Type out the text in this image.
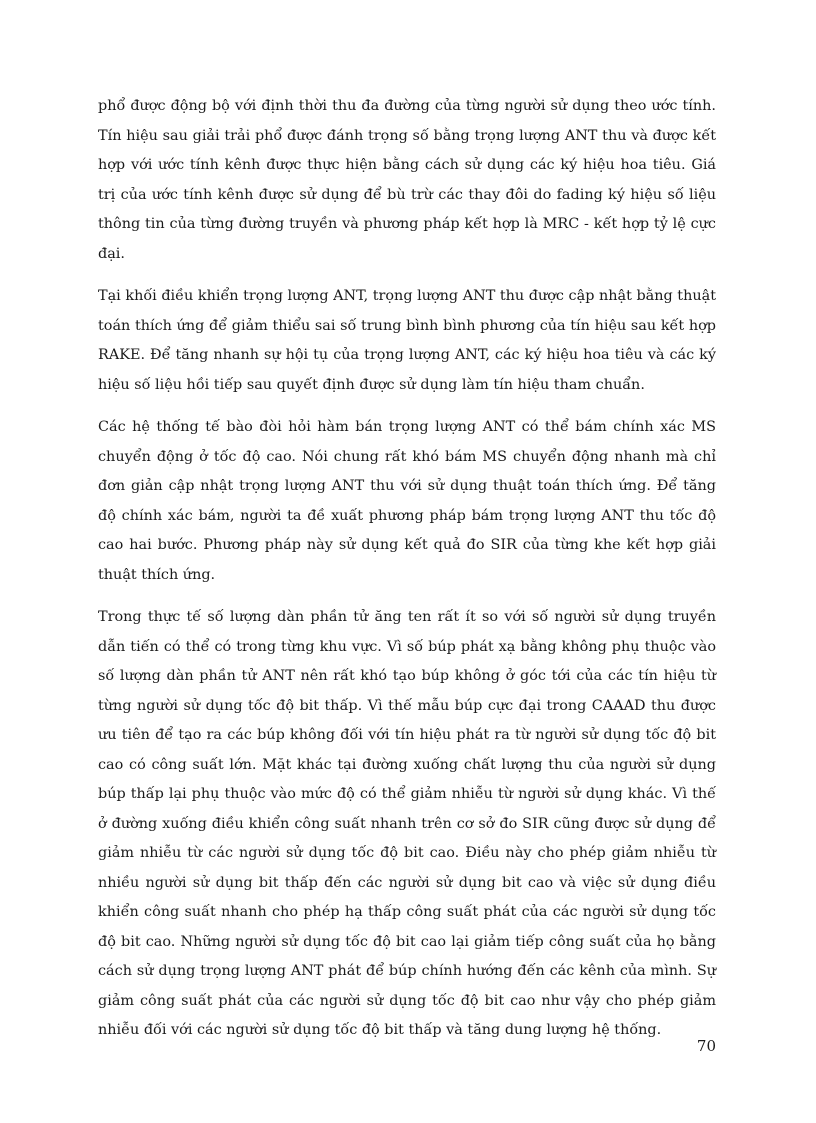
phổ được động bộ với định thời thu đa đường của từng người sử dụng theo ước tính. Tín hiệu sau giải trải phổ được đánh trọng số bằng trọng lượng ANT thu và được kết hợp với ước tính kênh được thực hiện bằng cách sử dụng các ký hiệu hoa tiêu. Giá trị của ước tính kênh được sử dụng để bù trừ các thay đôi do fading ký hiệu số liệu thông tin của từng đường truyền và phương pháp kết hợp là MRC - kết hợp tỷ lệ cực đại.

Tại khối điều khiển trọng lượng ANT, trọng lượng ANT thu được cập nhật bằng thuật toán thích ứng để giảm thiểu sai số trung bình bình phương của tín hiệu sau kết hợp RAKE. Để tăng nhanh sự hội tụ của trọng lượng ANT, các ký hiệu hoa tiêu và các ký hiệu số liệu hồi tiếp sau quyết định được sử dụng làm tín hiệu tham chuẩn.

Các hệ thống tế bào đòi hỏi hàm bán trọng lượng ANT có thể bám chính xác MS chuyển động ở tốc độ cao. Nói chung rất khó bám MS chuyển động nhanh mà chỉ đơn giản cập nhật trọng lượng ANT thu với sử dụng thuật toán thích ứng. Để tăng độ chính xác bám, người ta đề xuất phương pháp bám trọng lượng ANT thu tốc độ cao hai bước. Phương pháp này sử dụng kết quả đo SIR của từng khe kết hợp giải thuật thích ứng.

Trong thực tế số lượng dàn phần tử ăng ten rất ít so với số người sử dụng truyền dẫn tiến có thể có trong từng khu vực. Vì số búp phát xạ bằng không phụ thuộc vào số lượng dàn phần tử ANT nên rất khó tạo búp không ở góc tới của các tín hiệu từ từng người sử dụng tốc độ bit thấp. Vì thế mẫu búp cực đại trong CAAAD thu được ưu tiên để tạo ra các búp không đối với tín hiệu phát ra từ người sử dụng tốc độ bit cao có công suất lớn. Mặt khác tại đường xuống chất lượng thu của người sử dụng búp thấp lại phụ thuộc vào mức độ có thể giảm nhiễu từ người sử dụng khác. Vì thế ở đường xuống điều khiển công suất nhanh trên cơ sở đo SIR cũng được sử dụng để giảm nhiễu từ các người sử dụng tốc độ bit cao. Điều này cho phép giảm nhiễu từ nhiều người sử dụng bit thấp đến các người sử dụng bit cao và việc sử dụng điều khiển công suất nhanh cho phép hạ thấp công suất phát của các người sử dụng tốc độ bit cao. Những người sử dụng tốc độ bit cao lại giảm tiếp công suất của họ bằng cách sử dụng trọng lượng ANT phát để búp chính hướng đến các kênh của mình. Sự giảm công suất phát của các người sử dụng tốc độ bit cao như vậy cho phép giảm nhiễu đối với các người sử dụng tốc độ bit thấp và tăng dung lượng hệ thống.

70
